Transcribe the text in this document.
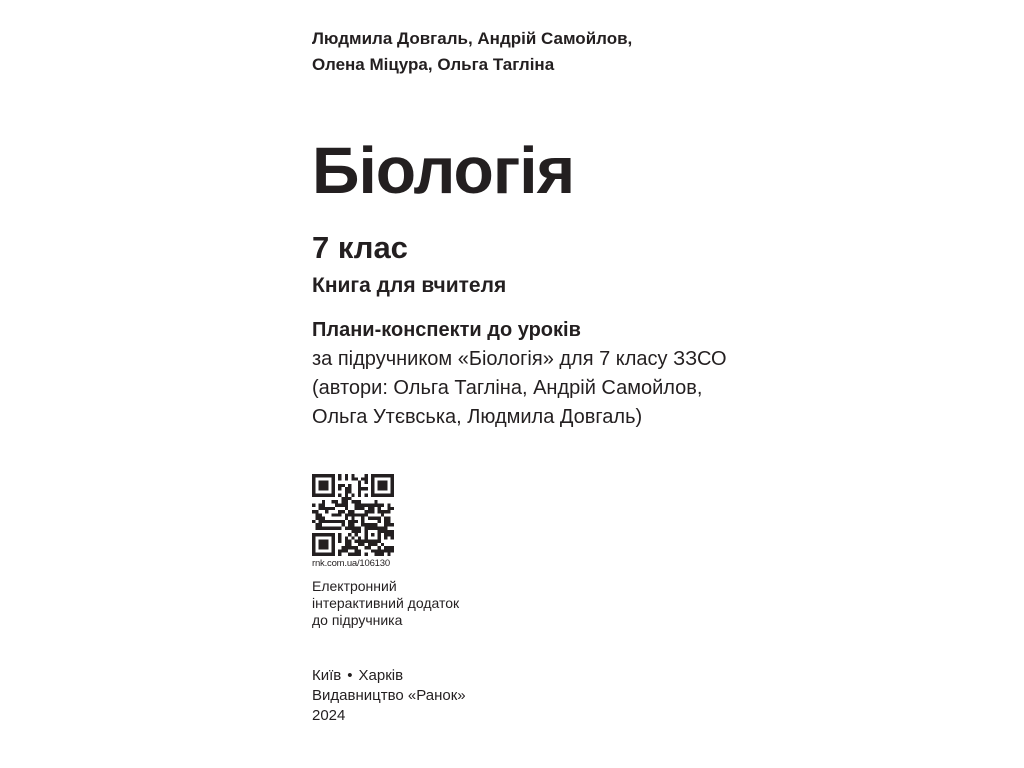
Людмила Довгаль, Андрій Самойлов,
Олена Міцура, Ольга Тагліна
Біологія
7 клас
Книга для вчителя
Плани-конспекти до уроків
за підручником «Біологія» для 7 класу ЗЗСО
(автори: Ольга Тагліна, Андрій Самойлов,
Ольга Утєвська, Людмила Довгаль)
rnk.com.ua/106130
Електронний
інтерактивний додаток
до підручника
Київ • Харків
Видавництво «Ранок»
2024
